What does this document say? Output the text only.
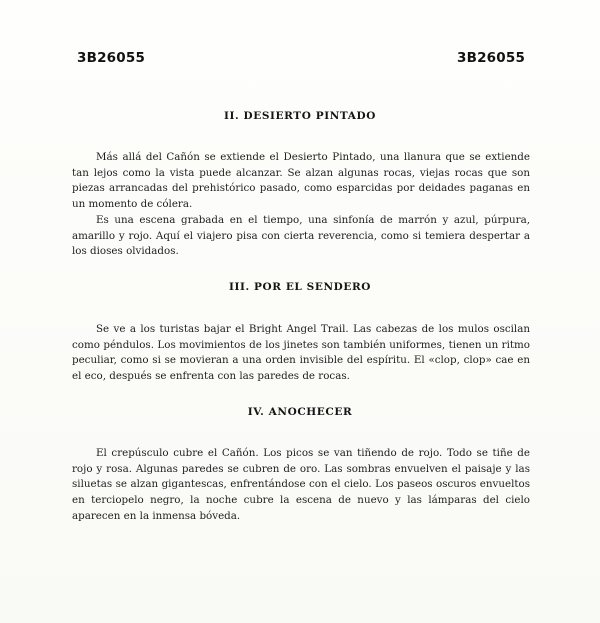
3B26055	3B26055
II. DESIERTO PINTADO

Más allá del Cañón se extiende el Desierto Pintado, una llanura que se extiende tan lejos como la vista puede alcanzar. Se alzan algunas rocas, viejas rocas que son piezas arrancadas del prehistórico pasado, como esparcidas por deidades paganas en un momento de cólera.

Es una escena grabada en el tiempo, una sinfonía de marrón y azul, púrpura, amarillo y rojo. Aquí el viajero pisa con cierta reverencia, como si temiera despertar a los dioses olvidados.

III. POR EL SENDERO

Se ve a los turistas bajar el Bright Angel Trail. Las cabezas de los mulos oscilan como péndulos. Los movimientos de los jinetes son también uniformes, tienen un ritmo peculiar, como si se movieran a una orden invisible del espíritu. El «clop, clop» cae en el eco, después se enfrenta con las paredes de rocas.

IV. ANOCHECER

El crepúsculo cubre el Cañón. Los picos se van tiñendo de rojo. Todo se tiñe de rojo y rosa. Algunas paredes se cubren de oro. Las sombras envuelven el paisaje y las siluetas se alzan gigantescas, enfrentándose con el cielo. Los paseos oscuros envueltos en terciopelo negro, la noche cubre la escena de nuevo y las lámparas del cielo aparecen en la inmensa bóveda.
